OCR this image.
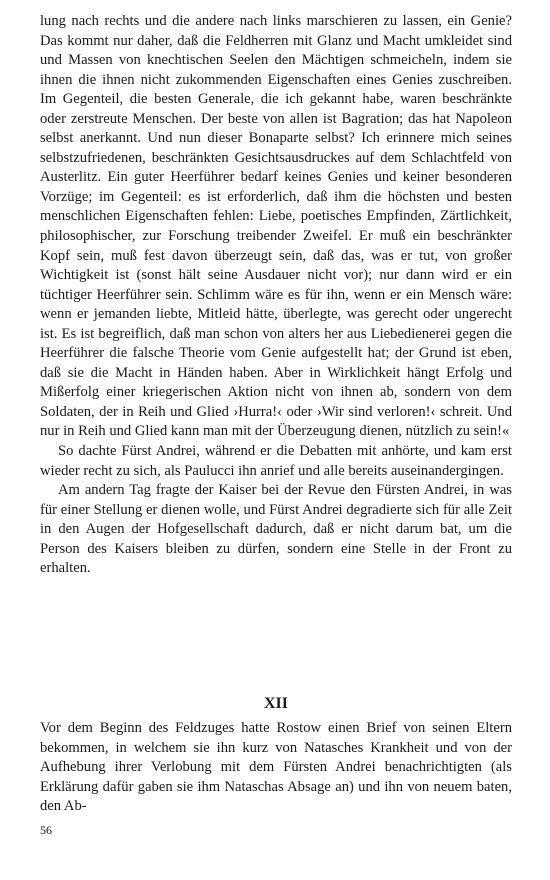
lung nach rechts und die andere nach links marschieren zu lassen, ein Genie? Das kommt nur daher, daß die Feldherren mit Glanz und Macht umkleidet sind und Massen von knechtischen Seelen den Mächtigen schmeicheln, indem sie ihnen die ihnen nicht zukommenden Eigenschaften eines Genies zuschreiben. Im Gegenteil, die besten Generale, die ich gekannt habe, waren beschränkte oder zerstreute Menschen. Der beste von allen ist Bagration; das hat Napoleon selbst anerkannt. Und nun dieser Bonaparte selbst? Ich erinnere mich seines selbstzufriedenen, beschränkten Gesichtsausdruckes auf dem Schlachtfeld von Austerlitz. Ein guter Heerführer bedarf keines Genies und keiner besonderen Vorzüge; im Gegenteil: es ist erforderlich, daß ihm die höchsten und besten menschlichen Eigenschaften fehlen: Liebe, poetisches Empfinden, Zärtlichkeit, philosophischer, zur Forschung treibender Zweifel. Er muß ein beschränkter Kopf sein, muß fest davon überzeugt sein, daß das, was er tut, von großer Wichtigkeit ist (sonst hält seine Ausdauer nicht vor); nur dann wird er ein tüchtiger Heerführer sein. Schlimm wäre es für ihn, wenn er ein Mensch wäre: wenn er jemanden liebte, Mitleid hätte, überlegte, was gerecht oder ungerecht ist. Es ist begreiflich, daß man schon von alters her aus Liebedienerei gegen die Heerführer die falsche Theorie vom Genie aufgestellt hat; der Grund ist eben, daß sie die Macht in Händen haben. Aber in Wirklichkeit hängt Erfolg und Mißerfolg einer kriegerischen Aktion nicht von ihnen ab, sondern von dem Soldaten, der in Reih und Glied ›Hurra!‹ oder ›Wir sind verloren!‹ schreit. Und nur in Reih und Glied kann man mit der Überzeugung dienen, nützlich zu sein!«

So dachte Fürst Andrei, während er die Debatten mit anhörte, und kam erst wieder recht zu sich, als Paulucci ihn anrief und alle bereits auseinandergingen.

Am andern Tag fragte der Kaiser bei der Revue den Fürsten Andrei, in was für einer Stellung er dienen wolle, und Fürst Andrei degradierte sich für alle Zeit in den Augen der Hofgesellschaft dadurch, daß er nicht darum bat, um die Person des Kaisers bleiben zu dürfen, sondern eine Stelle in der Front zu erhalten.

XII

Vor dem Beginn des Feldzuges hatte Rostow einen Brief von seinen Eltern bekommen, in welchem sie ihn kurz von Natasches Krankheit und von der Aufhebung ihrer Verlobung mit dem Fürsten Andrei benachrichtigten (als Erklärung dafür gaben sie ihm Nataschas Absage an) und ihn von neuem baten, den Ab-

56
